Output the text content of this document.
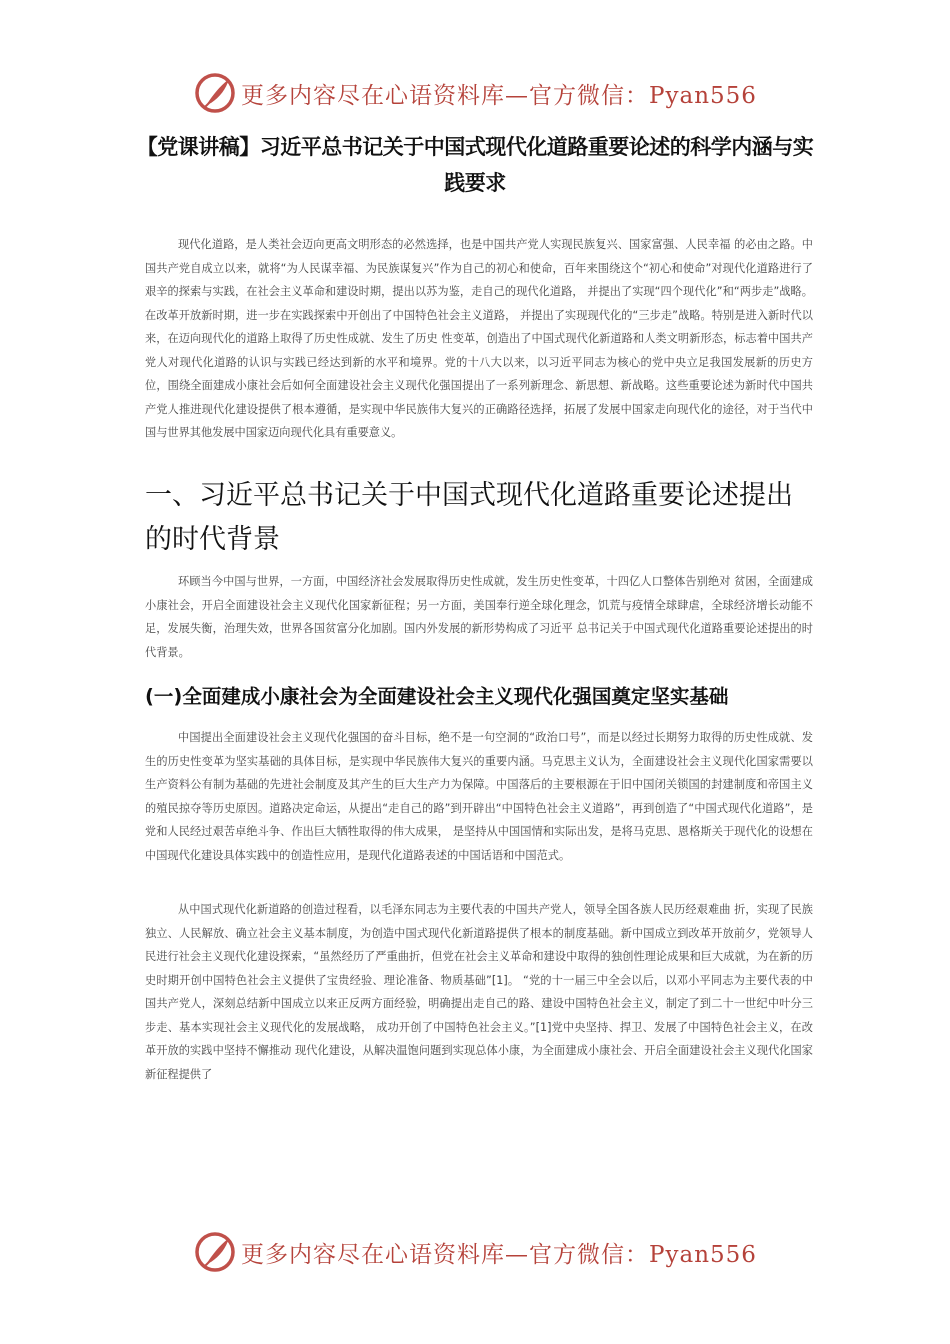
更多内容尽在心语资料库—官方微信：Pyan556
【党课讲稿】习近平总书记关于中国式现代化道路重要论述的科学内涵与实践要求

现代化道路，是人类社会迈向更高文明形态的必然选择，也是中国共产党人实现民族复兴、国家富强、人民幸福 的必由之路。中国共产党自成立以来，就将“为人民谋幸福、为民族谋复兴”作为自己的初心和使命，百年来围绕这个“初心和使命”对现代化道路进行了艰辛的探索与实践，在社会主义革命和建设时期，提出以苏为鉴，走自己的现代化道路， 并提出了实现“四个现代化”和“两步走”战略。在改革开放新时期，进一步在实践探索中开创出了中国特色社会主义道路， 并提出了实现现代化的“三步走”战略。特别是进入新时代以来，在迈向现代化的道路上取得了历史性成就、发生了历史 性变革，创造出了中国式现代化新道路和人类文明新形态，标志着中国共产党人对现代化道路的认识与实践已经达到新的水平和境界。党的十八大以来，以习近平同志为核心的党中央立足我国发展新的历史方位，围绕全面建成小康社会后如何全面建设社会主义现代化强国提出了一系列新理念、新思想、新战略。这些重要论述为新时代中国共产党人推进现代化建设提供了根本遵循，是实现中华民族伟大复兴的正确路径选择，拓展了发展中国家走向现代化的途径，对于当代中国与世界其他发展中国家迈向现代化具有重要意义。

一、习近平总书记关于中国式现代化道路重要论述提出的时代背景

环顾当今中国与世界，一方面，中国经济社会发展取得历史性成就，发生历史性变革，十四亿人口整体告别绝对 贫困，全面建成小康社会，开启全面建设社会主义现代化国家新征程；另一方面，美国奉行逆全球化理念，饥荒与疫情全球肆虐，全球经济增长动能不足，发展失衡，治理失效，世界各国贫富分化加剧。国内外发展的新形势构成了习近平 总书记关于中国式现代化道路重要论述提出的时代背景。

(一)全面建成小康社会为全面建设社会主义现代化强国奠定坚实基础

中国提出全面建设社会主义现代化强国的奋斗目标，绝不是一句空洞的“政治口号”，而是以经过长期努力取得的历史性成就、发生的历史性变革为坚实基础的具体目标，是实现中华民族伟大复兴的重要内涵。马克思主义认为，全面建设社会主义现代化国家需要以生产资料公有制为基础的先进社会制度及其产生的巨大生产力为保障。中国落后的主要根源在于旧中国闭关锁国的封建制度和帝国主义的殖民掠夺等历史原因。道路决定命运，从提出“走自己的路”到开辟出“中国特色社会主义道路”，再到创造了“中国式现代化道路”，是党和人民经过艰苦卓绝斗争、作出巨大牺牲取得的伟大成果， 是坚持从中国国情和实际出发，是将马克思、恩格斯关于现代化的设想在中国现代化建设具体实践中的创造性应用，是现代化道路表述的中国话语和中国范式。

从中国式现代化新道路的创造过程看，以毛泽东同志为主要代表的中国共产党人，领导全国各族人民历经艰难曲 折，实现了民族独立、人民解放、确立社会主义基本制度，为创造中国式现代化新道路提供了根本的制度基础。新中国成立到改革开放前夕，党领导人民进行社会主义现代化建设探索，“虽然经历了严重曲折，但党在社会主义革命和建设中取得的独创性理论成果和巨大成就，为在新的历史时期开创中国特色社会主义提供了宝贵经验、理论准备、物质基础”[1]。 “党的十一届三中全会以后，以邓小平同志为主要代表的中国共产党人，深刻总结新中国成立以来正反两方面经验，明确提出走自己的路、建设中国特色社会主义，制定了到二十一世纪中叶分三步走、基本实现社会主义现代化的发展战略， 成功开创了中国特色社会主义。”[1]党中央坚持、捍卫、发展了中国特色社会主义，在改革开放的实践中坚持不懈推动 现代化建设，从解决温饱问题到实现总体小康，为全面建成小康社会、开启全面建设社会主义现代化国家新征程提供了

更多内容尽在心语资料库—官方微信：Pyan556
